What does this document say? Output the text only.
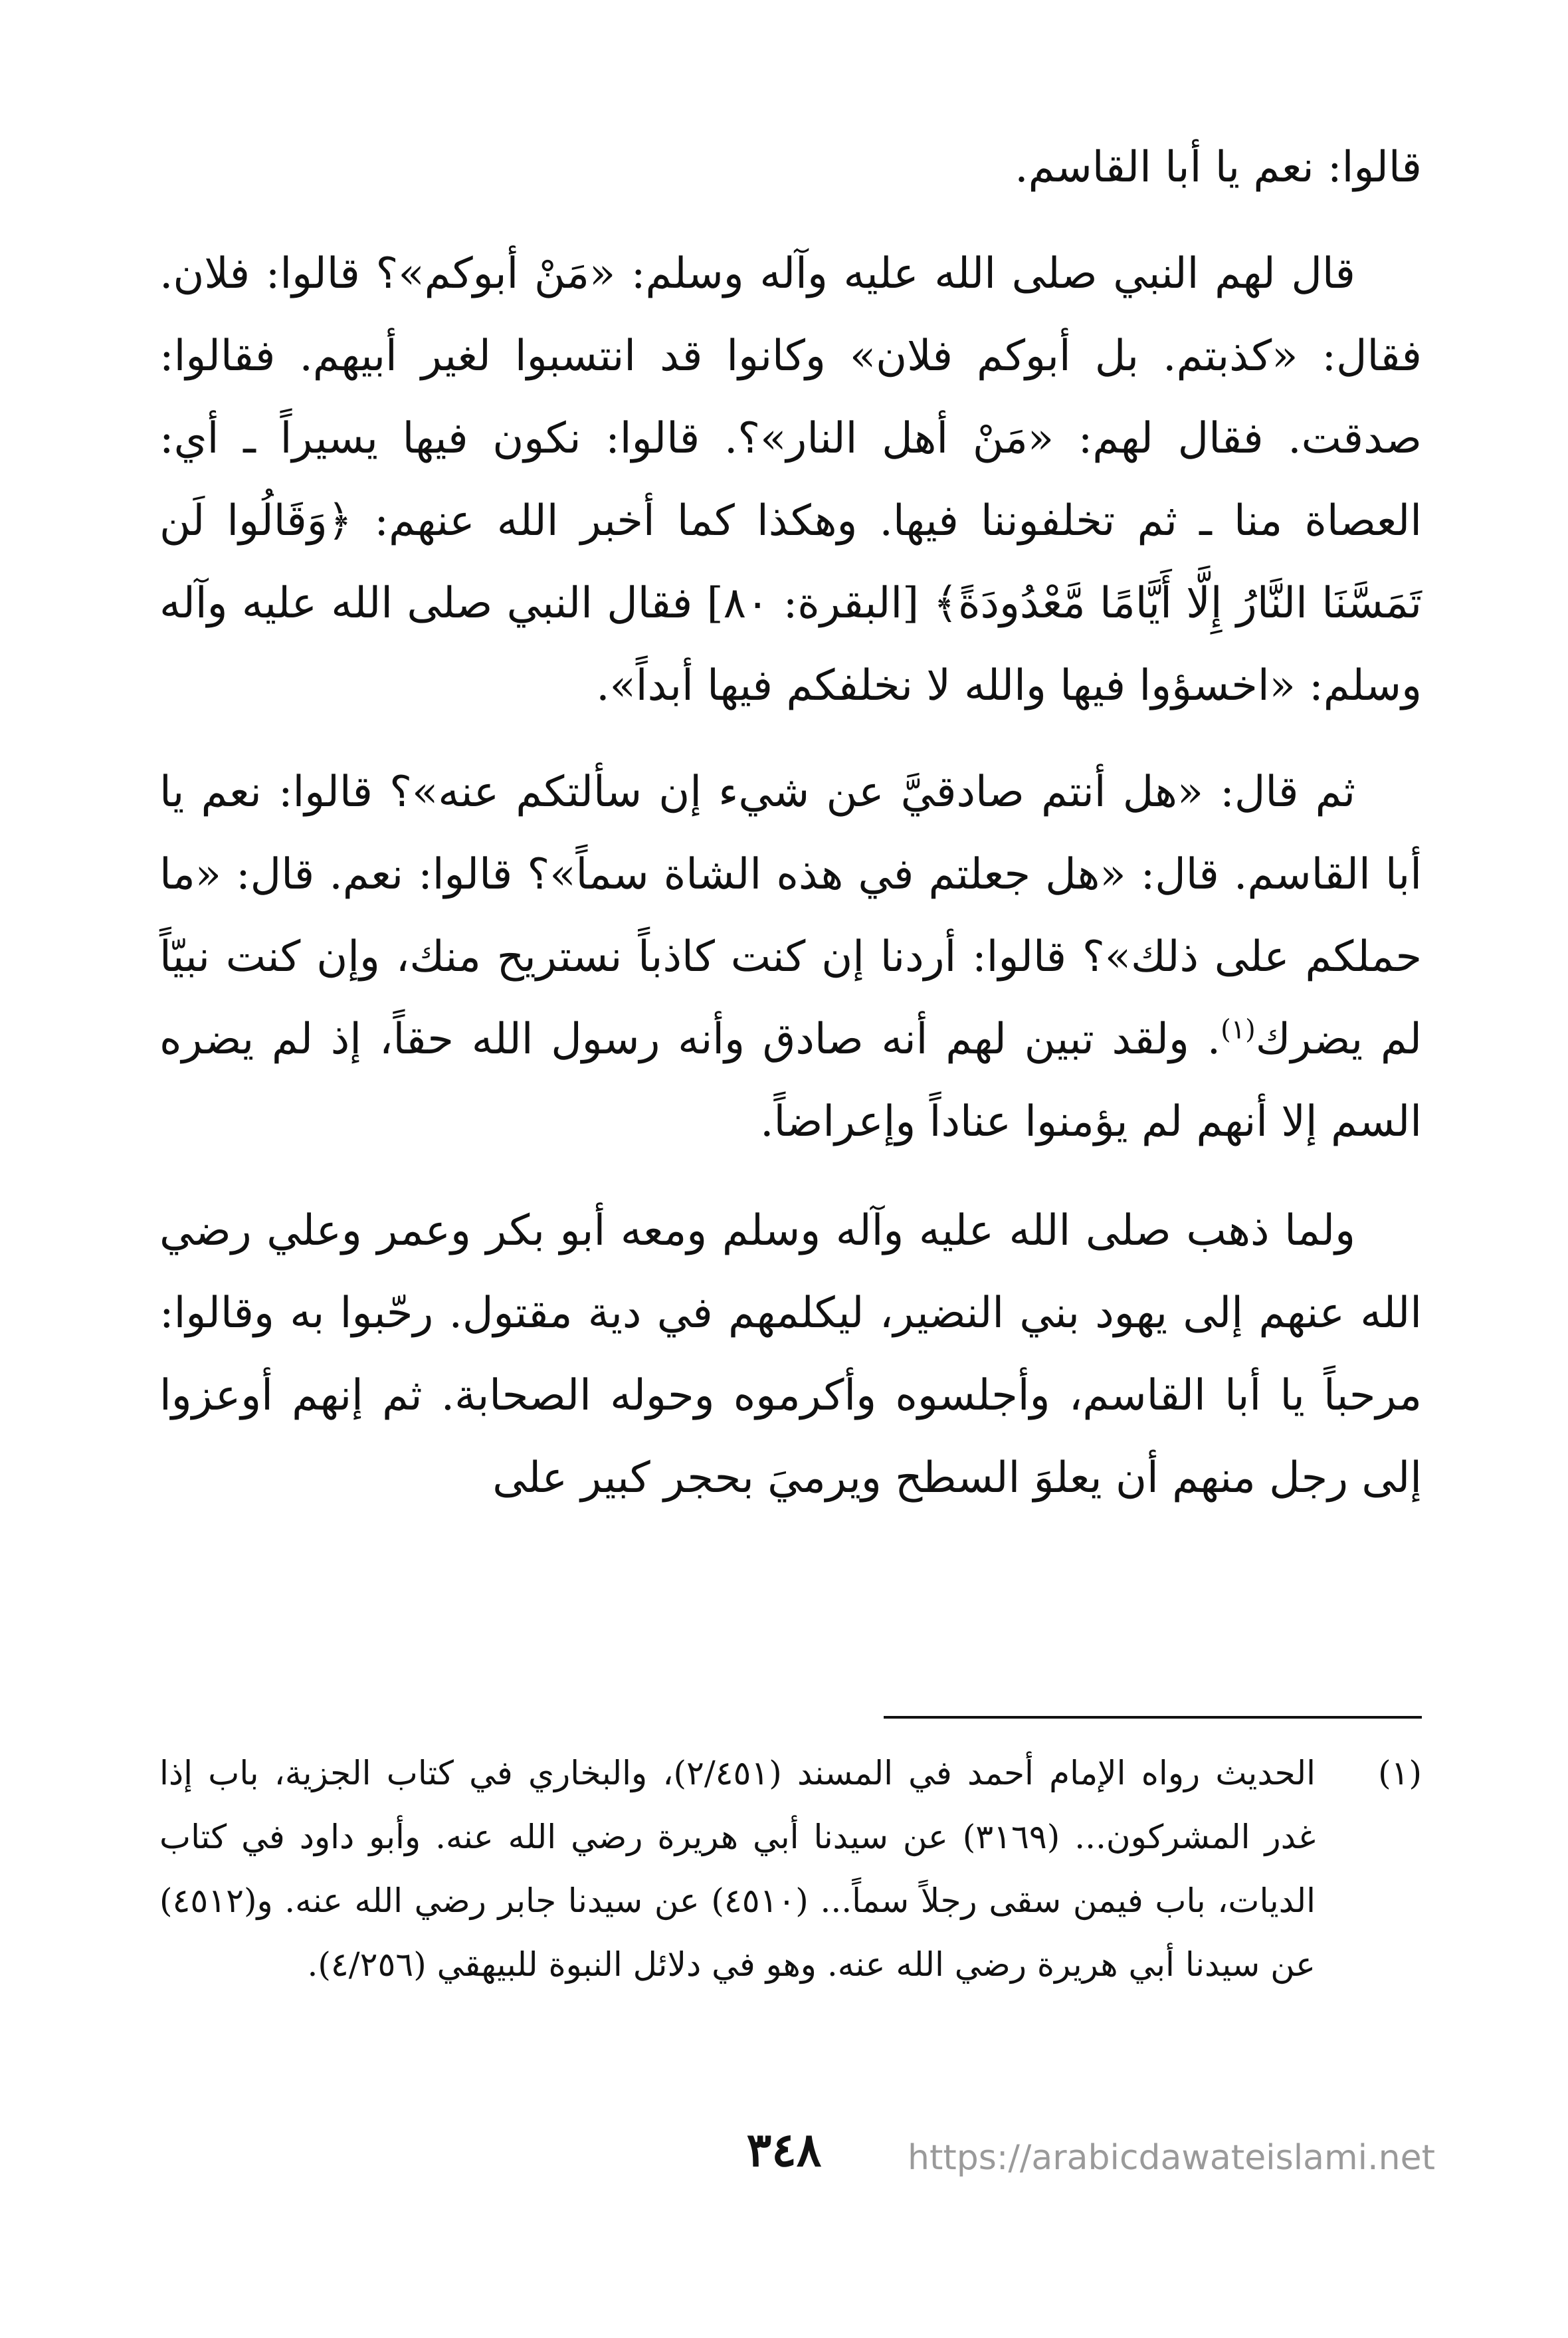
قالوا: نعم يا أبا القاسم.

قال لهم النبي صلى الله عليه وآله وسلم: «مَنْ أبوكم»؟ قالوا: فلان. فقال: «كذبتم. بل أبوكم فلان» وكانوا قد انتسبوا لغير أبيهم. فقالوا: صدقت. فقال لهم: «مَنْ أهل النار»؟. قالوا: نكون فيها يسيراً ـ أي: العصاة منا ـ ثم تخلفوننا فيها. وهكذا كما أخبر الله عنهم: ﴿وَقَالُوا لَن تَمَسَّنَا النَّارُ إِلَّا أَيَّامًا مَّعْدُودَةً﴾ [البقرة: ٨٠] فقال النبي صلى الله عليه وآله وسلم: «اخسؤوا فيها والله لا نخلفكم فيها أبداً».

ثم قال: «هل أنتم صادقيَّ عن شيء إن سألتكم عنه»؟ قالوا: نعم يا أبا القاسم. قال: «هل جعلتم في هذه الشاة سماً»؟ قالوا: نعم. قال: «ما حملكم على ذلك»؟ قالوا: أردنا إن كنت كاذباً نستريح منك، وإن كنت نبيّاً لم يضرك$^{(١)}$. ولقد تبين لهم أنه صادق وأنه رسول الله حقاً، إذ لم يضره السم إلا أنهم لم يؤمنوا عناداً وإعراضاً.

ولما ذهب صلى الله عليه وآله وسلم ومعه أبو بكر وعمر وعلي رضي الله عنهم إلى يهود بني النضير، ليكلمهم في دية مقتول. رحّبوا به وقالوا: مرحباً يا أبا القاسم، وأجلسوه وأكرموه وحوله الصحابة. ثم إنهم أوعزوا إلى رجل منهم أن يعلوَ السطح ويرميَ بحجر كبير على

(١)
الحديث رواه الإمام أحمد في المسند (٢/٤٥١)، والبخاري في كتاب الجزية، باب إذا غدر المشركون... (٣١٦٩) عن سيدنا أبي هريرة رضي الله عنه. وأبو داود في كتاب الديات، باب فيمن سقى رجلاً سماً... (٤٥١٠) عن سيدنا جابر رضي الله عنه. و(٤٥١٢) عن سيدنا أبي هريرة رضي الله عنه. وهو في دلائل النبوة للبيهقي (٤/٢٥٦).
٣٤٨	https://arabicdawateislami.net
